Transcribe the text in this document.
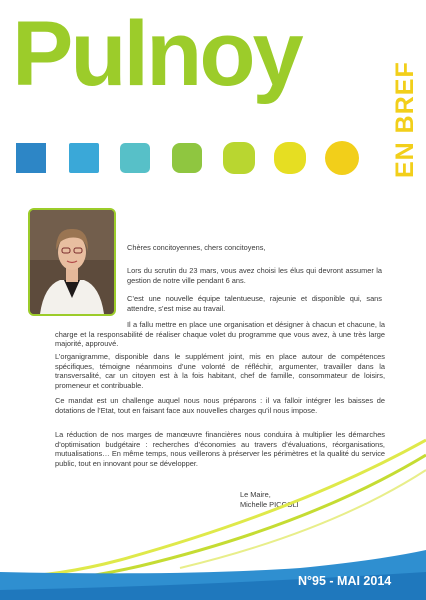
Pulnoy
EN BREF

Chères concitoyennes, chers concitoyens,

Lors du scrutin du 23 mars, vous avez choisi les élus qui devront assumer la gestion de notre ville pendant 6 ans.

C’est une nouvelle équipe talentueuse, rajeunie et disponible qui, sans attendre, s’est mise au travail.

Il a fallu mettre en place une organisation et désigner à chacun et chacune, la charge et la responsabilité de réaliser chaque volet du programme que vous avez, à une très large majorité, approuvé.

L’organigramme, disponible dans le supplément joint, mis en place autour de compétences spécifiques, témoigne néanmoins d’une volonté de réfléchir, argumenter, travailler dans la transversalité, car un citoyen est à la fois habitant, chef de famille, consommateur de loisirs, promeneur et contribuable.

Ce mandat est un challenge auquel nous nous préparons : il va falloir intégrer les baisses de dotations de l’Etat, tout en faisant face aux nouvelles charges qu’il nous impose.

La réduction de nos marges de manœuvre financières nous conduira à multiplier les démarches d’optimisation budgétaire : recherches d’économies au travers d’évaluations, réorganisations, mutualisations… En même temps, nous veillerons à préserver les périmètres et la qualité du service public, tout en innovant pour se développer.

Le Maire,

Michelle PICCOLI

N°95 - MAI 2014
